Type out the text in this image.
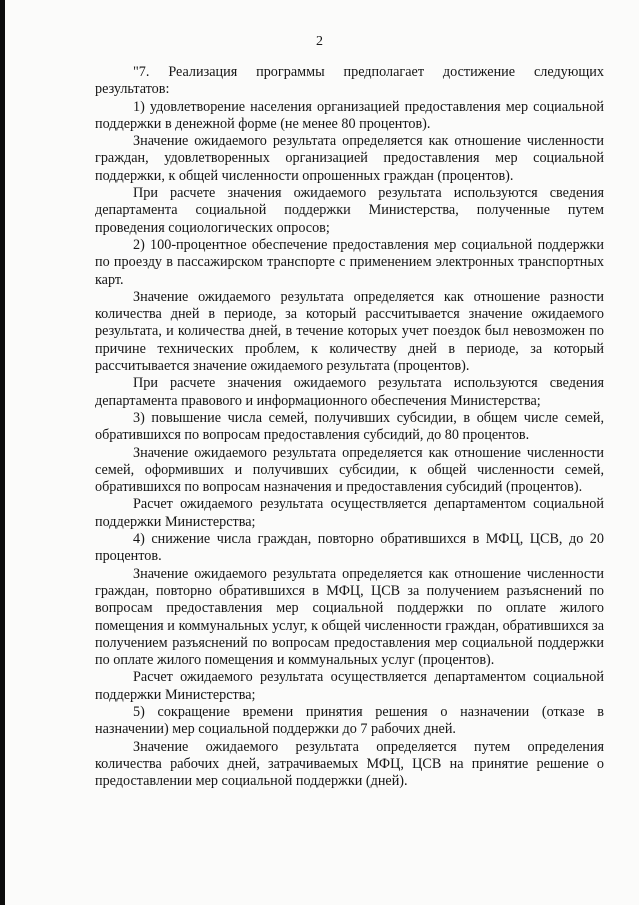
2

"7. Реализация программы предполагает достижение следующих результатов:

1) удовлетворение населения организацией предоставления мер социальной поддержки в денежной форме (не менее 80 процентов).

Значение ожидаемого результата определяется как отношение численности граждан, удовлетворенных организацией предоставления мер социальной поддержки, к общей численности опрошенных граждан (процентов).

При расчете значения ожидаемого результата используются сведения департамента социальной поддержки Министерства, полученные путем проведения социологических опросов;

2) 100-процентное обеспечение предоставления мер социальной поддержки по проезду в пассажирском транспорте с применением электронных транспортных карт.

Значение ожидаемого результата определяется как отношение разности количества дней в периоде, за который рассчитывается значение ожидаемого результата, и количества дней, в течение которых учет поездок был невозможен по причине технических проблем, к количеству дней в периоде, за который рассчитывается значение ожидаемого результата (процентов).

При расчете значения ожидаемого результата используются сведения департамента правового и информационного обеспечения Министерства;

3) повышение числа семей, получивших субсидии, в общем числе семей, обратившихся по вопросам предоставления субсидий, до 80 процентов.

Значение ожидаемого результата определяется как отношение численности семей, оформивших и получивших субсидии, к общей численности семей, обратившихся по вопросам назначения и предоставления субсидий (процентов).

Расчет ожидаемого результата осуществляется департаментом социальной поддержки Министерства;

4) снижение числа граждан, повторно обратившихся в МФЦ, ЦСВ, до 20 процентов.

Значение ожидаемого результата определяется как отношение численности граждан, повторно обратившихся в МФЦ, ЦСВ за получением разъяснений по вопросам предоставления мер социальной поддержки по оплате жилого помещения и коммунальных услуг, к общей численности граждан, обратившихся за получением разъяснений по вопросам предоставления мер социальной поддержки по оплате жилого помещения и коммунальных услуг (процентов).

Расчет ожидаемого результата осуществляется департаментом социальной поддержки Министерства;

5) сокращение времени принятия решения о назначении (отказе в назначении) мер социальной поддержки до 7 рабочих дней.

Значение ожидаемого результата определяется путем определения количества рабочих дней, затрачиваемых МФЦ, ЦСВ на принятие решение о предоставлении мер социальной поддержки (дней).
